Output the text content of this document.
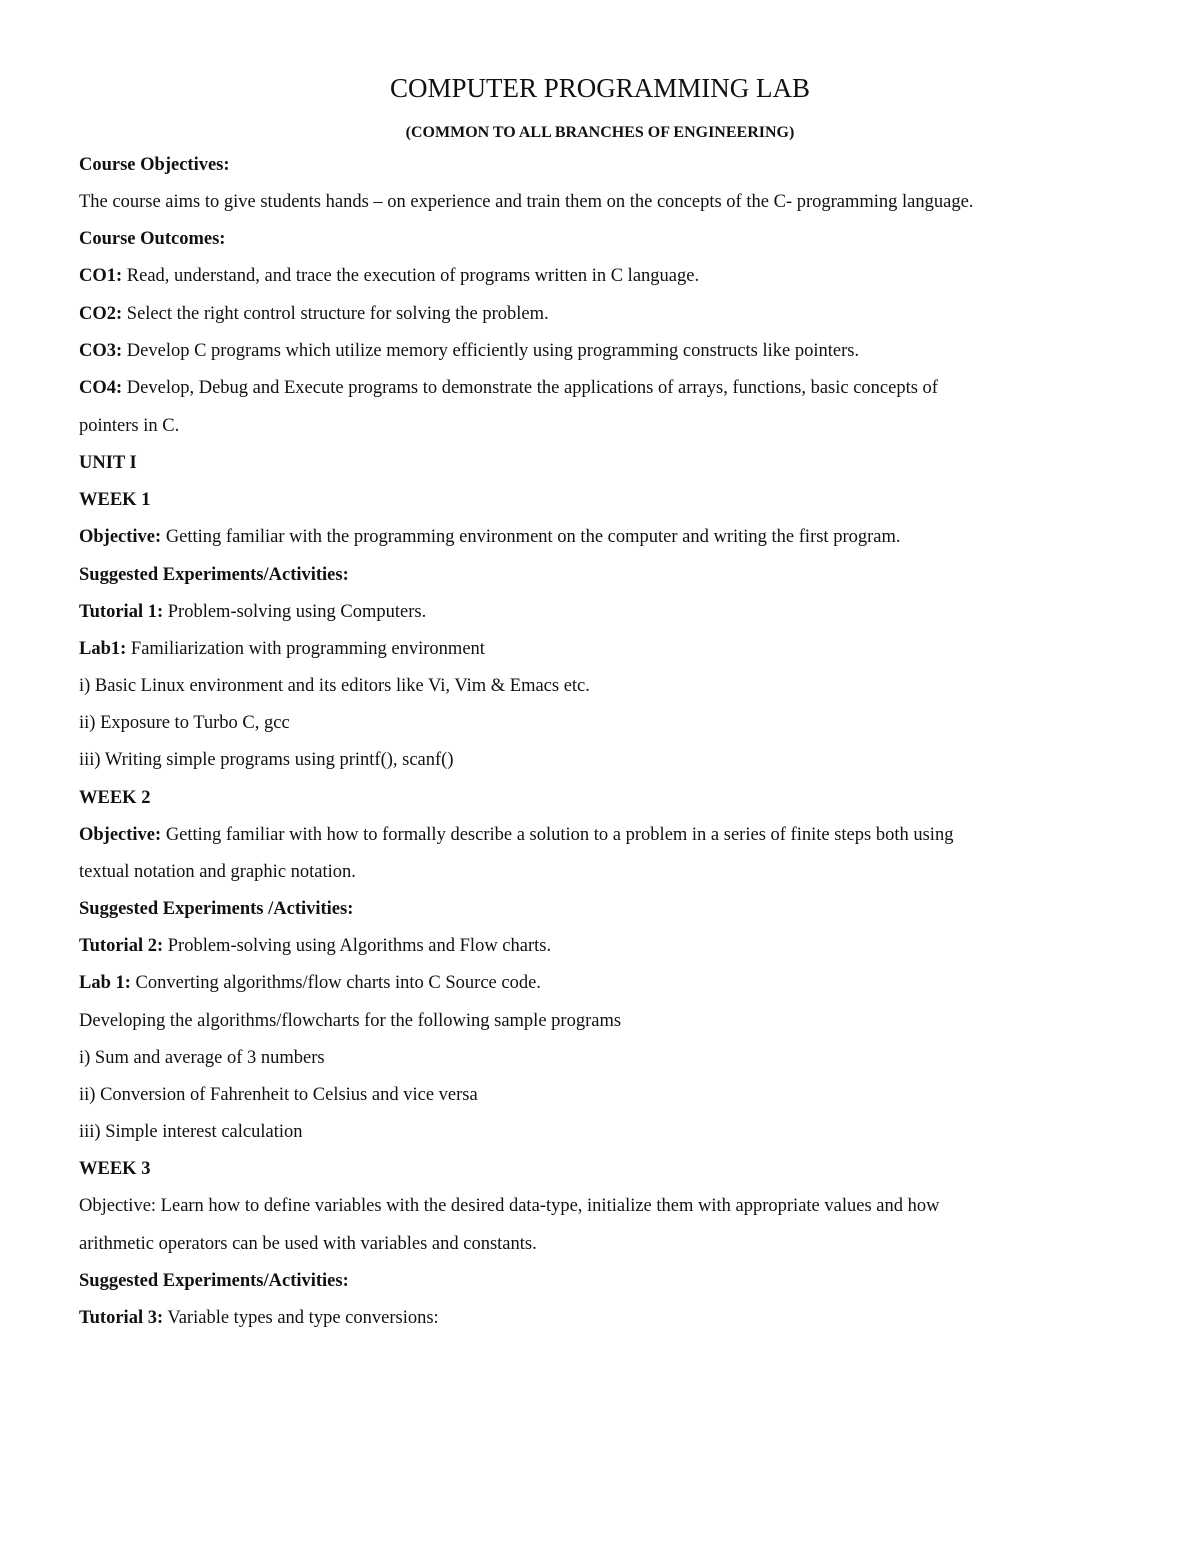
COMPUTER PROGRAMMING LAB
(COMMON TO ALL BRANCHES OF ENGINEERING)

Course Objectives:

The course aims to give students hands – on experience and train them on the concepts of the C- programming language.

Course Outcomes:

CO1: Read, understand, and trace the execution of programs written in C language.

CO2: Select the right control structure for solving the problem.

CO3: Develop C programs which utilize memory efficiently using programming constructs like pointers.

CO4: Develop, Debug and Execute programs to demonstrate the applications of arrays, functions, basic concepts of

pointers in C.

UNIT I

WEEK 1

Objective: Getting familiar with the programming environment on the computer and writing the first program.

Suggested Experiments/Activities:

Tutorial 1: Problem-solving using Computers.

Lab1: Familiarization with programming environment

i) Basic Linux environment and its editors like Vi, Vim & Emacs etc.

ii) Exposure to Turbo C, gcc

iii) Writing simple programs using printf(), scanf()

WEEK 2

Objective: Getting familiar with how to formally describe a solution to a problem in a series of finite steps both using

textual notation and graphic notation.

Suggested Experiments /Activities:

Tutorial 2: Problem-solving using Algorithms and Flow charts.

Lab 1: Converting algorithms/flow charts into C Source code.

Developing the algorithms/flowcharts for the following sample programs

i) Sum and average of 3 numbers

ii) Conversion of Fahrenheit to Celsius and vice versa

iii) Simple interest calculation

WEEK 3

Objective: Learn how to define variables with the desired data-type, initialize them with appropriate values and how

arithmetic operators can be used with variables and constants.

Suggested Experiments/Activities:

Tutorial 3: Variable types and type conversions:
